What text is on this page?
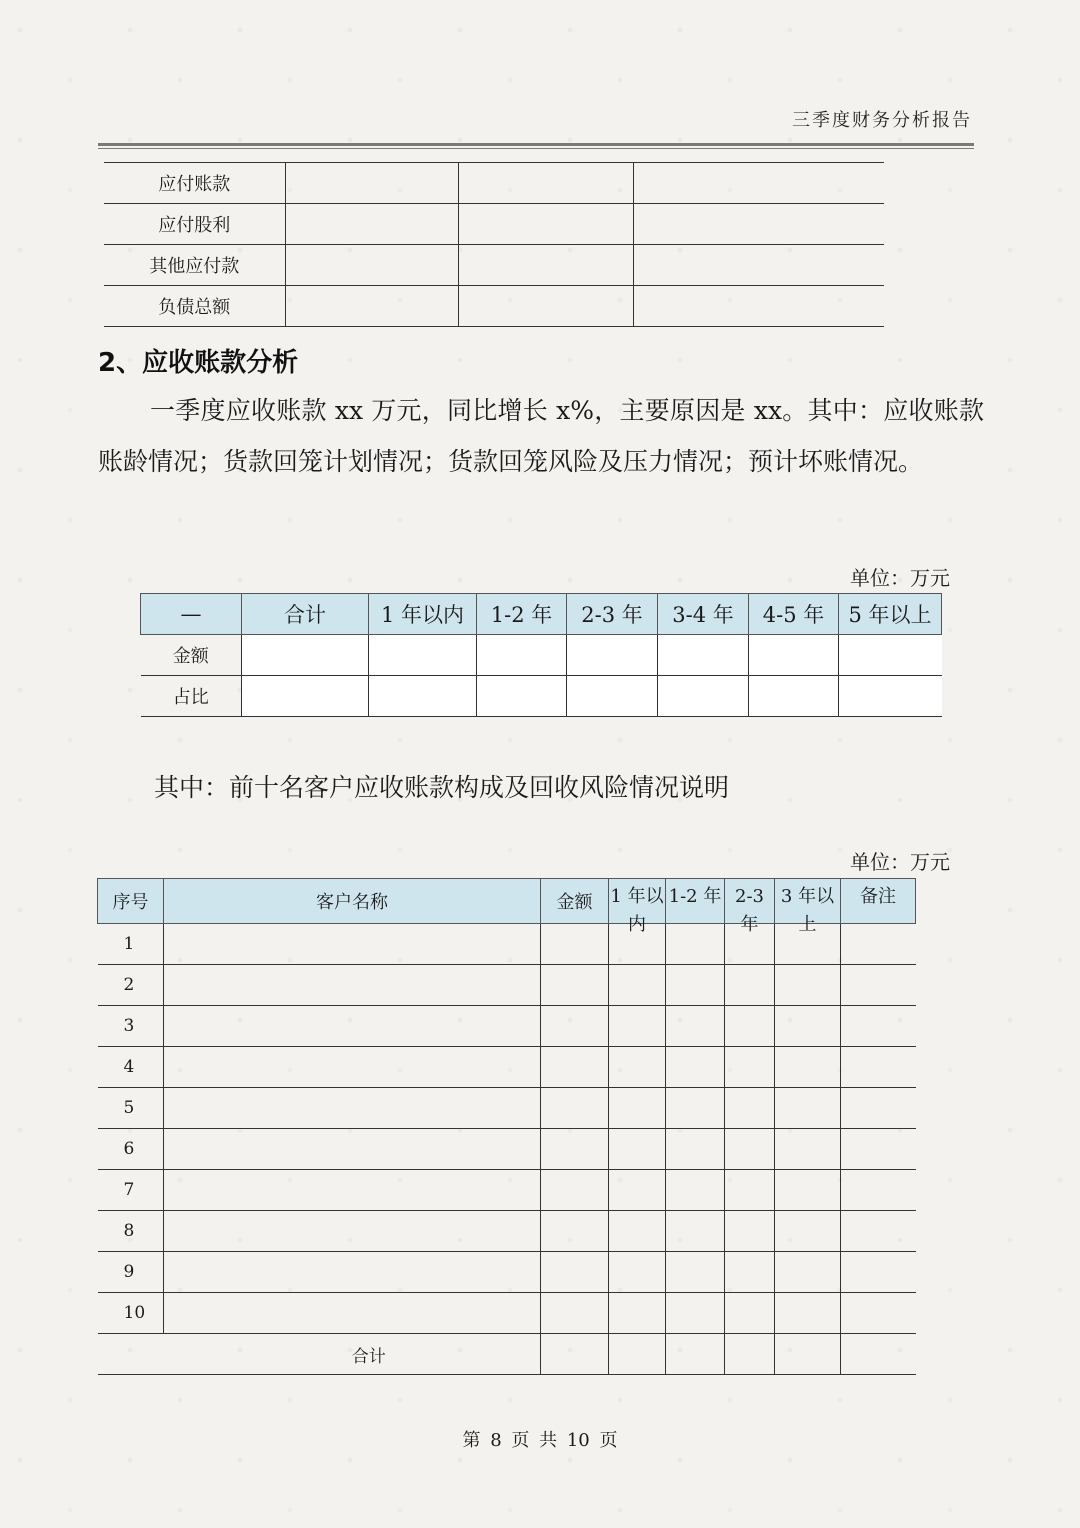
三季度财务分析报告
应付账款			
应付股利			
其他应付款			
负债总额			
2、应收账款分析
一季度应收账款 xx 万元，同比增长 x%，主要原因是 xx。其中：应收账款账龄情况；货款回笼计划情况；货款回笼风险及压力情况；预计坏账情况。
单位：万元
—	合计	1 年以内	1-2 年	2-3 年	3-4 年	4-5 年	5 年以上
金额							
占比							
其中：前十名客户应收账款构成及回收风险情况说明
单位：万元
序号	客户名称	金额	1 年以内	1-2 年	2-3 年	3 年以上	备注

1							
2							
3							
4							
5							
6							
7							
8							
9							
10							
合计							
第 8 页 共 10 页
